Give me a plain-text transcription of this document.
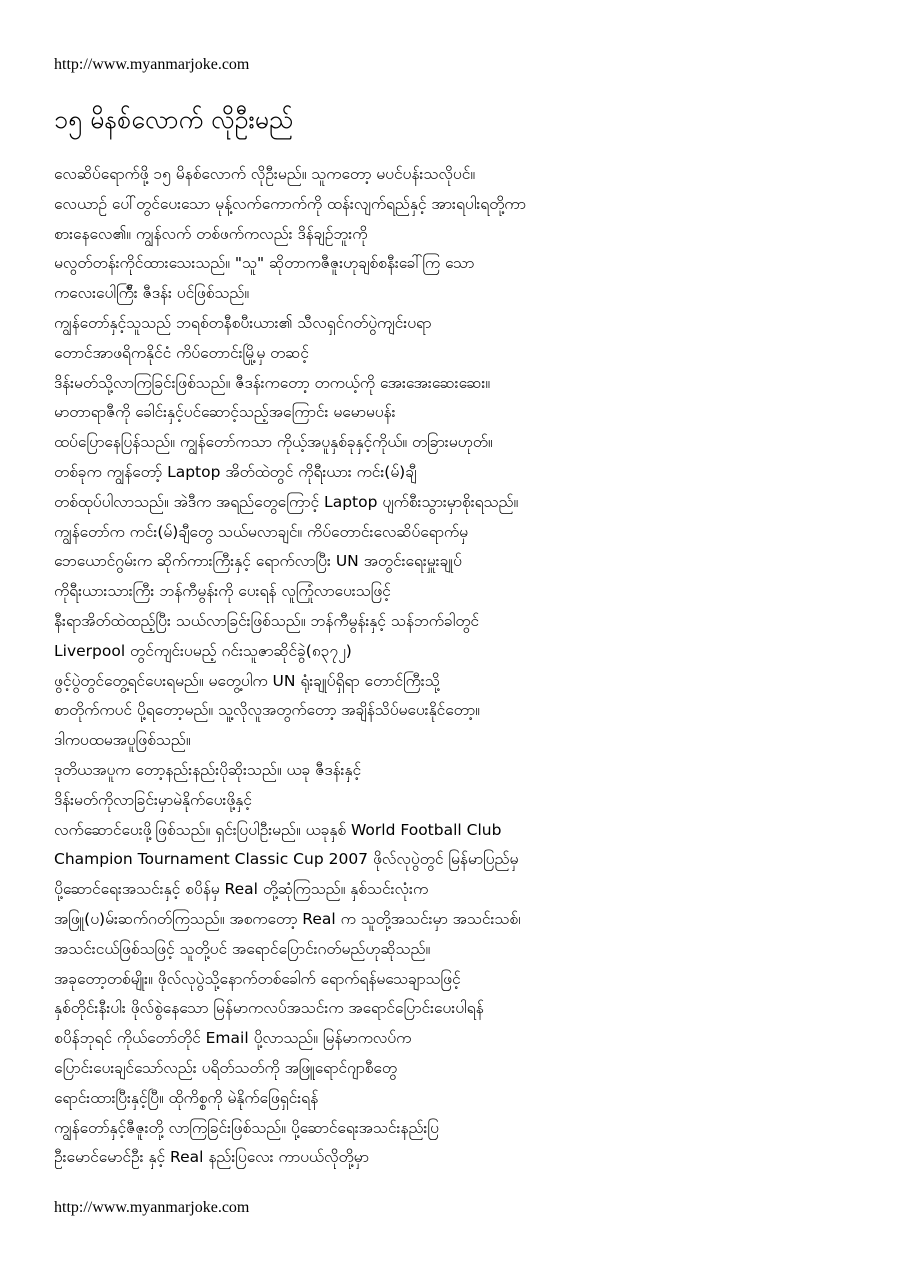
http://www.myanmarjoke.com
၁၅ မိနစ်လောက် လိုဦးမည်
လေဆိပ်ရောက်ဖို့ ၁၅ မိနစ်လောက် လိုဦးမည်။ သူကတော့ မပင်ပန်းသလိုပင်။
လေယာဉ် ပေါ်တွင်ပေးသော မုန့်လက်ကောက်ကို ထန်းလျက်ရည်နှင့် အားရပါးရတို့ကာ
စားနေလေ၏။ ကျွန်လက် တစ်ဖက်ကလည်း ဒိန်ချဉ်ဘူးကို
မလွတ်တန်းကိုင်ထားသေးသည်။ "သူ" ဆိုတာကဇီဇူးဟုချစ်စနီးခေါ်ကြ သော
ကလေးပေါက်ြီး ဇီဒန်း ပင်ဖြစ်သည်။
ကျွန်တော်နှင့်သူသည် ဘရစ်တနီစပီးယား၏ သီလရှင်ဂတ်ပွဲကျင်းပရာ
တောင်အာဖရိကနိုင်ငံ ကိပ်တောင်းမြို့မှ တဆင့်
ဒိန်းမတ်သို့လာကြခြင်းဖြစ်သည်။ ဇီဒန်းကတော့ တကယ့်ကို အေးအေးဆေးဆေး။
မာတာရာဇီကို ခေါင်းနှင့်ပင်ဆောင့်သည့်အကြောင်း မမောမပန်း
ထပ်ပြောနေပြန်သည်။ ကျွန်တော်ကသာ ကိုယ့်အပူနှစ်ခုနှင့်ကိုယ်။ တခြားမဟုတ်။
တစ်ခုက ကျွန်တော့် Laptop အိတ်ထဲတွင် ကိုရီးယား ကင်း(မ်)ချီ
တစ်ထုပ်ပါလာသည်။ အဲဒီက အရည်တွေကြောင့် Laptop ပျက်စီးသွားမှာစိုးရသည်။
ကျွန်တော်က ကင်း(မ်)ချီတွေ သယ်မလာချင်။ ကိပ်တောင်းလေဆိပ်ရောက်မှ
ဘေယောင်ဂွမ်းက ဆိုက်ကားကြီးနှင့် ရောက်လာပြီး UN အတွင်းရေးမှူးချုပ်
ကိုရီးယားသားကြီး ဘန်ကီမွန်းကို ပေးရန် လူကြုံလာပေးသဖြင့်
နီးရာအိတ်ထဲထည့်ပြီး သယ်လာခြင်းဖြစ်သည်။ ဘန်ကီမွန်းနှင့် သန်ဘက်ခါတွင်
Liverpool တွင်ကျင်းပမည့် ဂင်းသူဇာဆိုင်ခွဲ(၈၃၇၂)
ဖွင့်ပွဲတွင်တွေ့ရင်ပေးရမည်။ မတွေ့ပါက UN ရုံးချုပ်ရှိရာ တောင်ကြီးသို့
စာတိုက်ကပင် ပို့ရတော့မည်။ သူ့လိုလူအတွက်တော့ အချိန်သိပ်မပေးနိုင်တော့။
ဒါကပထမအပူဖြစ်သည်။
ဒုတိယအပူက တော့နည်းနည်းပိုဆိုးသည်။ ယခု ဇီဒန်းနှင့်
ဒိန်းမတ်ကိုလာခြင်းမှာမဲနိုက်ပေးဖို့နှင့်
လက်ဆောင်ပေးဖို့ဖြစ်သည်။ ရှင်းပြပါဦးမည်။ ယခုနှစ် World Football Club
Champion Tournament Classic Cup 2007 ဖိုလ်လုပွဲတွင် မြန်မာပြည်မှ
ပို့ဆောင်ရေးအသင်းနှင့် စပိန်မှ Real တို့ဆုံကြသည်။ နှစ်သင်းလုံးက
အဖြူ(ပ)မ်းဆက်ဂတ်ကြသည်။ အစကတော့ Real က သူတို့အသင်းမှာ အသင်းသစ်၊
အသင်းငယ်ဖြစ်သဖြင့် သူတို့ပင် အရောင်ပြောင်းဂတ်မည်ဟုဆိုသည်။
အခုတော့တစ်မျိုး။ ဖိုလ်လုပွဲသို့နောက်တစ်ခေါက် ရောက်ရန်မသေချာသဖြင့်
နှစ်တိုင်းနီးပါး ဖိုလ်စွဲနေသော မြန်မာကလပ်အသင်းက အရောင်ပြောင်းပေးပါရန်
စပိန်ဘုရင် ကိုယ်တော်တိုင် Email ပို့လာသည်။ မြန်မာကလပ်က
ပြောင်းပေးချင်သော်လည်း ပရိတ်သတ်ကို အဖြူရောင်ဂျာစီတွေ
ရောင်းထားပြီးနှင့်ပြီ။ ထိုကိစ္စကို မဲနိုက်ဖြေရှင်းရန်
ကျွန်တော်နှင့်ဇီဇူးတို့ လာကြခြင်းဖြစ်သည်။ ပို့ဆောင်ရေးအသင်းနည်းပြ
ဦးမောင်မောင်ဦး နှင့် Real နည်းပြလေး ကာပယ်လိုတို့မှာ
http://www.myanmarjoke.com
